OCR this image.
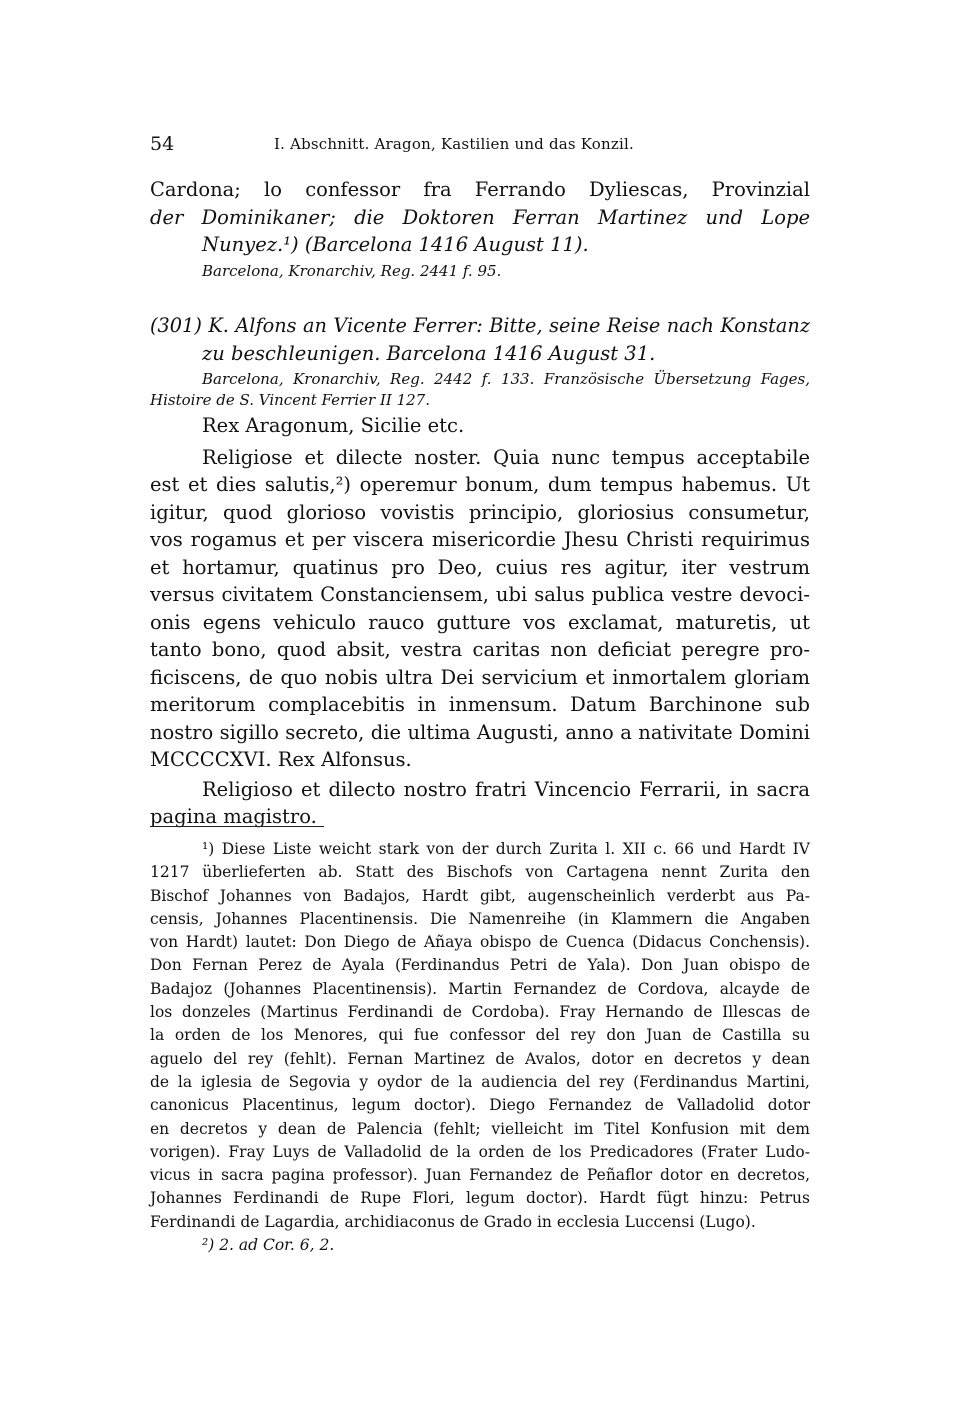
54	I. Abschnitt. Aragon, Kastilien und das Konzil.
Cardona; lo confessor fra Ferrando Dyliescas, Provinzial
der Dominikaner; die Doktoren Ferran Martinez und Lope
Nunyez.¹) (Barcelona 1416 August 11).
Barcelona, Kronarchiv, Reg. 2441 f. 95.
(301) K. Alfons an Vicente Ferrer: Bitte, seine Reise nach Konstanz
zu beschleunigen. Barcelona 1416 August 31.
Barcelona, Kronarchiv, Reg. 2442 f. 133. Französische Übersetzung Fages,
Histoire de S. Vincent Ferrier II 127.
Rex Aragonum, Sicilie etc.
Religiose et dilecte noster. Quia nunc tempus acceptabile
est et dies salutis,²) operemur bonum, dum tempus habemus. Ut
igitur, quod glorioso vovistis principio, gloriosius consumetur,
vos rogamus et per viscera misericordie Jhesu Christi requirimus
et hortamur, quatinus pro Deo, cuius res agitur, iter vestrum
versus civitatem Constanciensem, ubi salus publica vestre devoci-
onis egens vehiculo rauco gutture vos exclamat, maturetis, ut
tanto bono, quod absit, vestra caritas non deficiat peregre pro-
ficiscens, de quo nobis ultra Dei servicium et inmortalem gloriam
meritorum complacebitis in inmensum. Datum Barchinone sub
nostro sigillo secreto, die ultima Augusti, anno a nativitate Domini
MCCCCXVI. Rex Alfonsus.
Religioso et dilecto nostro fratri Vincencio Ferrarii, in sacra
pagina magistro.
¹) Diese Liste weicht stark von der durch Zurita l. XII c. 66 und Hardt IV
1217 überlieferten ab. Statt des Bischofs von Cartagena nennt Zurita den
Bischof Johannes von Badajos, Hardt gibt, augenscheinlich verderbt aus Pa-
censis, Johannes Placentinensis. Die Namenreihe (in Klammern die Angaben
von Hardt) lautet: Don Diego de Añaya obispo de Cuenca (Didacus Conchensis).
Don Fernan Perez de Ayala (Ferdinandus Petri de Yala). Don Juan obispo de
Badajoz (Johannes Placentinensis). Martin Fernandez de Cordova, alcayde de
los donzeles (Martinus Ferdinandi de Cordoba). Fray Hernando de Illescas de
la orden de los Menores, qui fue confessor del rey don Juan de Castilla su
aguelo del rey (fehlt). Fernan Martinez de Avalos, dotor en decretos y dean
de la iglesia de Segovia y oydor de la audiencia del rey (Ferdinandus Martini,
canonicus Placentinus, legum doctor). Diego Fernandez de Valladolid dotor
en decretos y dean de Palencia (fehlt; vielleicht im Titel Konfusion mit dem
vorigen). Fray Luys de Valladolid de la orden de los Predicadores (Frater Ludo-
vicus in sacra pagina professor). Juan Fernandez de Peñaflor dotor en decretos,
Johannes Ferdinandi de Rupe Flori, legum doctor). Hardt fügt hinzu: Petrus
Ferdinandi de Lagardia, archidiaconus de Grado in ecclesia Luccensi (Lugo).
²) 2. ad Cor. 6, 2.
